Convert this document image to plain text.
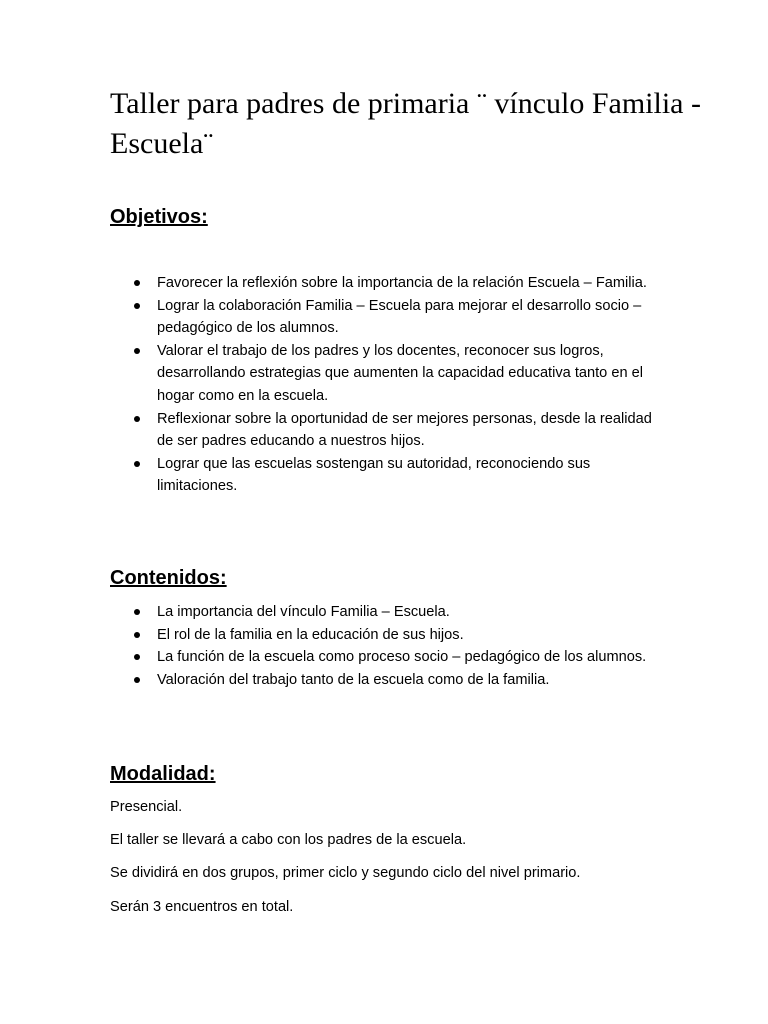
Taller para padres de primaria ¨ vínculo Familia - Escuela¨
Objetivos:
Favorecer la reflexión sobre la importancia de la relación Escuela – Familia.
Lograr la colaboración Familia – Escuela para mejorar el desarrollo socio – pedagógico de los alumnos.
Valorar el trabajo de los padres y los docentes, reconocer sus logros, desarrollando estrategias que aumenten la capacidad educativa tanto en el hogar como en la escuela.
Reflexionar sobre la oportunidad de ser mejores personas, desde la realidad de ser padres educando a nuestros hijos.
Lograr que las escuelas sostengan su autoridad, reconociendo sus limitaciones.
Contenidos:
La importancia del vínculo Familia – Escuela.
El rol de la familia en la educación de sus hijos.
La función de la escuela como proceso socio – pedagógico de los alumnos.
Valoración del trabajo tanto de la escuela como de la familia.
Modalidad:

Presencial.

El taller se llevará a cabo con los padres de la escuela.

Se dividirá en dos grupos, primer ciclo y segundo ciclo del nivel primario.

Serán 3 encuentros en total.
